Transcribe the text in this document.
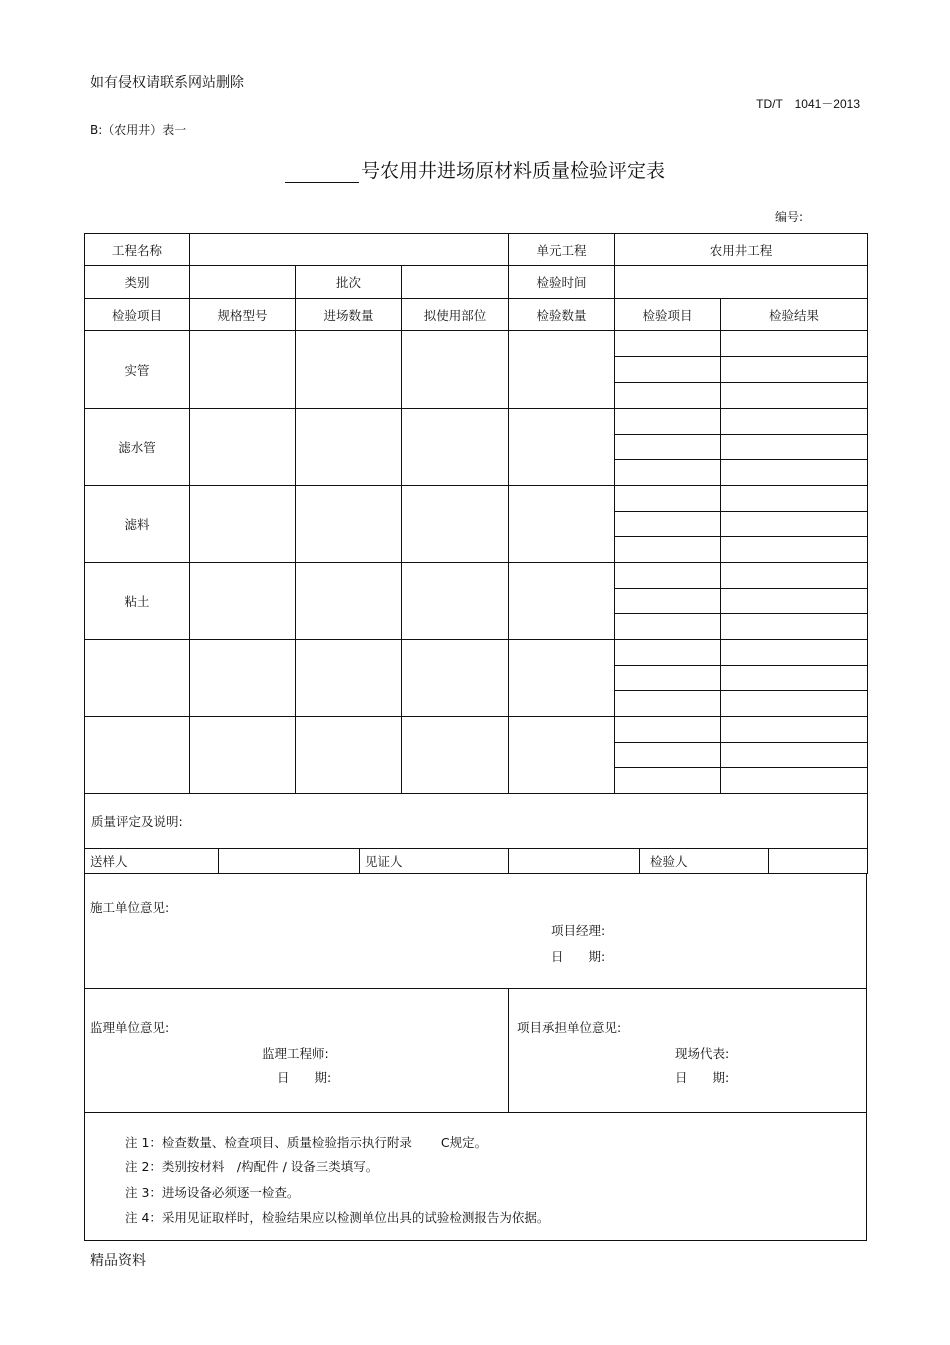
如有侵权请联系网站删除
TD/T　1041－2013
B:（农用井）表一
号农用井进场原材料质量检验评定表
编号:
工程名称				单元工程	农用井工程	
类别		批次		检验时间		
检验项目	规格型号	进场数量	拟使用部位	检验数量	检验项目	检验结果
实管						

滤水管						

滤料						

粘土						

质量评定及说明:						
送样人		见证人		检验人	
施工单位意见:
项目经理:
日　　期:
监理单位意见:
监理工程师:
日　　期:
项目承担单位意见:
现场代表:
日　　期:

注 1：检查数量、检查项目、质量检验指示执行附录　　 C规定。

注 2：类别按材料　/构配件 / 设备三类填写。

注 3：进场设备必须逐一检查。

注 4：采用见证取样时，检验结果应以检测单位出具的试验检测报告为依据。

精品资料
